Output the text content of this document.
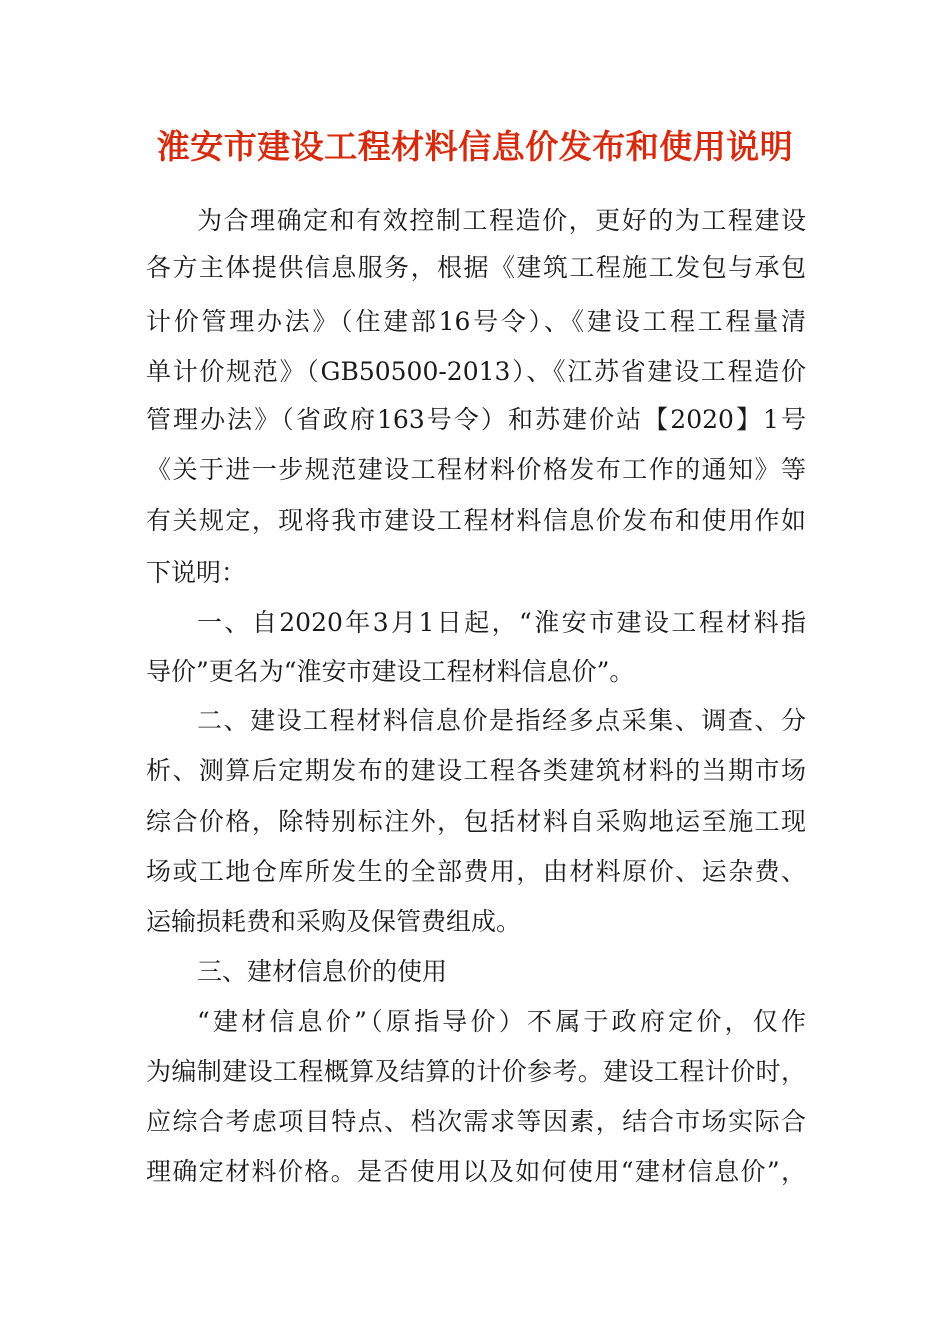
淮安市建设工程材料信息价发布和使用说明
为合理确定和有效控制工程造价，更好的为工程建设
各方主体提供信息服务，根据《建筑工程施工发包与承包
计价管理办法》（住建部16号令）、《建设工程工程量清
单计价规范》（GB50500-2013）、《江苏省建设工程造价
管理办法》（省政府163号令）和苏建价站【2020】1号
《关于进一步规范建设工程材料价格发布工作的通知》等
有关规定，现将我市建设工程材料信息价发布和使用作如
下说明：
一、自2020年3月1日起，“淮安市建设工程材料指
导价”更名为“淮安市建设工程材料信息价”。
二、建设工程材料信息价是指经多点采集、调查、分
析、测算后定期发布的建设工程各类建筑材料的当期市场
综合价格，除特别标注外，包括材料自采购地运至施工现
场或工地仓库所发生的全部费用，由材料原价、运杂费、
运输损耗费和采购及保管费组成。
三、建材信息价的使用
“建材信息价”（原指导价）不属于政府定价，仅作
为编制建设工程概算及结算的计价参考。建设工程计价时，
应综合考虑项目特点、档次需求等因素，结合市场实际合
理确定材料价格。是否使用以及如何使用“建材信息价”，
